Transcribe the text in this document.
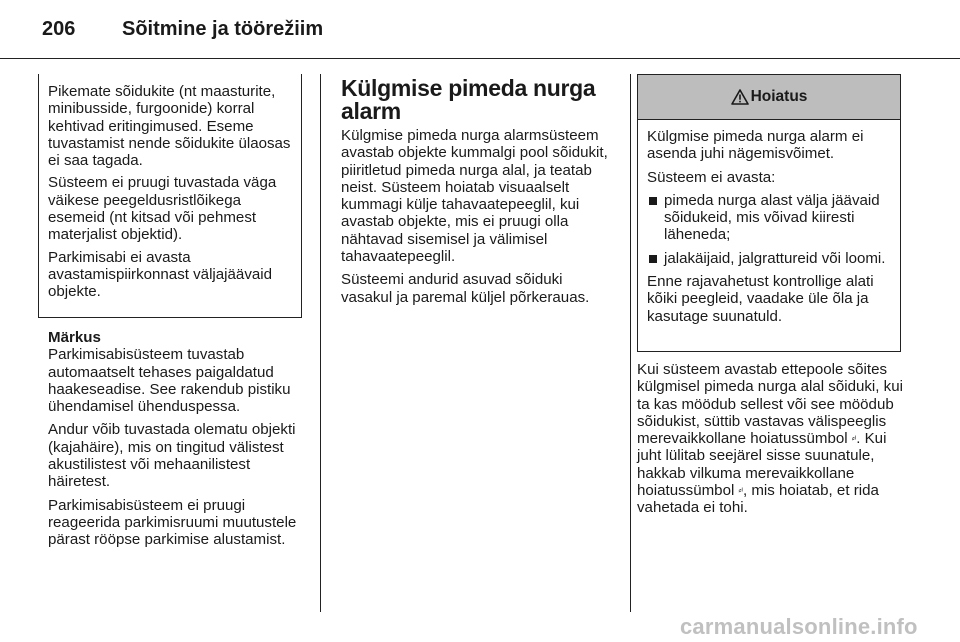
206 Sõitmine ja töörežiim

Pikemate sõidukite (nt maasturite, minibusside, furgoonide) korral kehtivad eritingimused. Eseme tuvastamist nende sõidukite ülaosas ei saa tagada.

Süsteem ei pruugi tuvastada väga väikese peegeldusristlõikega esemeid (nt kitsad või pehmest materjalist objektid).

Parkimisabi ei avasta avastamispiirkonnast väljajäävaid objekte.

Märkus

Parkimisabisüsteem tuvastab automaatselt tehases paigaldatud haakeseadise. See rakendub pistiku ühendamisel ühenduspessa.

Andur võib tuvastada olematu objekti (kajahäire), mis on tingitud välistest akustilistest või mehaanilistest häiretest.

Parkimisabisüsteem ei pruugi reageerida parkimisruumi muutustele pärast rööpse parkimise alustamist.

Külgmise pimeda nurga alarm

Külgmise pimeda nurga alarmsüsteem avastab objekte kummalgi pool sõidukit, piiritletud pimeda nurga alal, ja teatab neist. Süsteem hoiatab visuaalselt kummagi külje tahavaatepeeglil, kui avastab objekte, mis ei pruugi olla nähtavad sisemisel ja välimisel tahavaatepeeglil.

Süsteemi andurid asuvad sõiduki vasakul ja paremal küljel põrkerauas.

Hoiatus

Külgmise pimeda nurga alarm ei asenda juhi nägemisvõimet.

Süsteem ei avasta:

pimeda nurga alast välja jäävaid sõidukeid, mis võivad kiiresti läheneda;
jalakäijaid, jalgrattureid või loomi.

Enne rajavahetust kontrollige alati kõiki peegleid, vaadake üle õla ja kasutage suunatuld.

Kui süsteem avastab ettepoole sõites külgmisel pimeda nurga alal sõiduki, kui ta kas möödub sellest või see möödub sõidukist, süttib vastavas välispeeglis merevaikkollane hoiatussümbol ⸗ᵎ. Kui juht lülitab seejärel sisse suunatule, hakkab vilkuma merevaikkollane hoiatussümbol ⸗ᵎ, mis hoiatab, et rida vahetada ei tohi.

carmanualsonline.info
